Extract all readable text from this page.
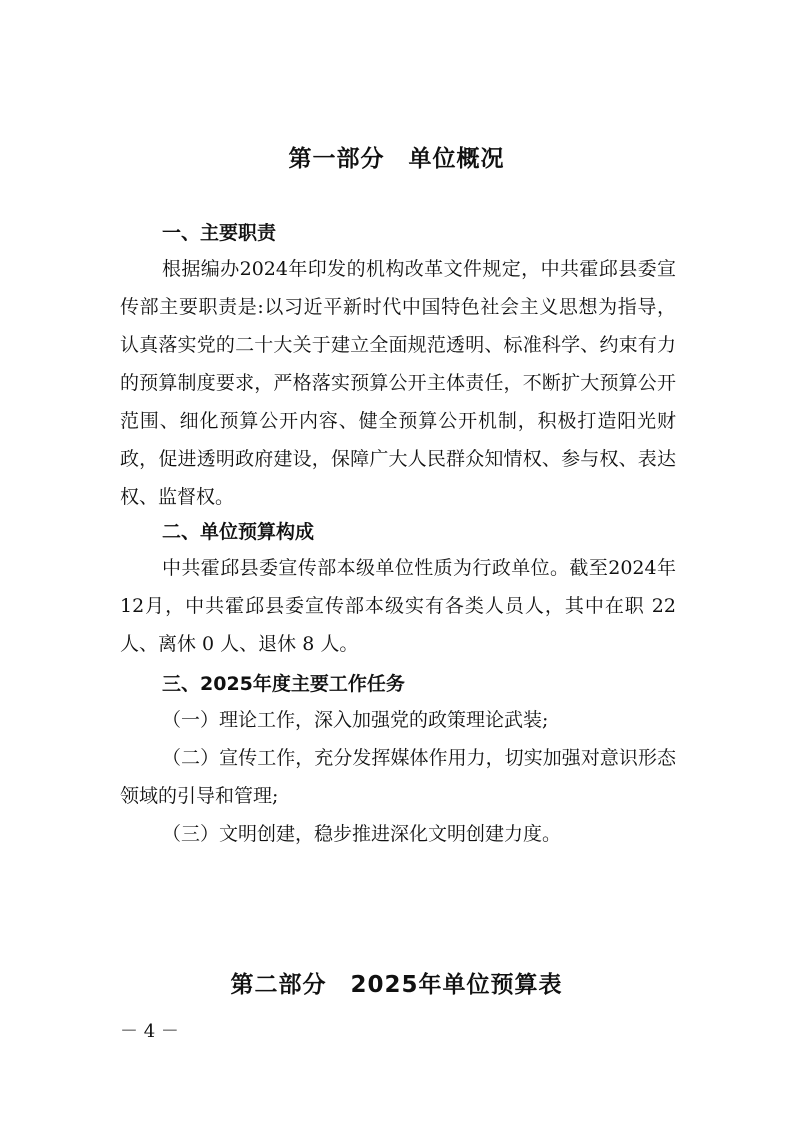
第一部分　单位概况
一、主要职责

根据编办2024年印发的机构改革文件规定，中共霍邱县委宣传部主要职责是:以习近平新时代中国特色社会主义思想为指导，认真落实党的二十大关于建立全面规范透明、标准科学、约束有力的预算制度要求，严格落实预算公开主体责任，不断扩大预算公开范围、细化预算公开内容、健全预算公开机制，积极打造阳光财政，促进透明政府建设，保障广大人民群众知情权、参与权、表达权、监督权。

二、单位预算构成

中共霍邱县委宣传部本级单位性质为行政单位。截至2024年12月，中共霍邱县委宣传部本级实有各类人员人，其中在职 22人、离休 0 人、退休 8 人。

三、2025年度主要工作任务

（一）理论工作，深入加强党的政策理论武装;

（二）宣传工作，充分发挥媒体作用力，切实加强对意识形态领域的引导和管理;

（三）文明创建，稳步推进深化文明创建力度。

第二部分　2025年单位预算表
－ 4 －
